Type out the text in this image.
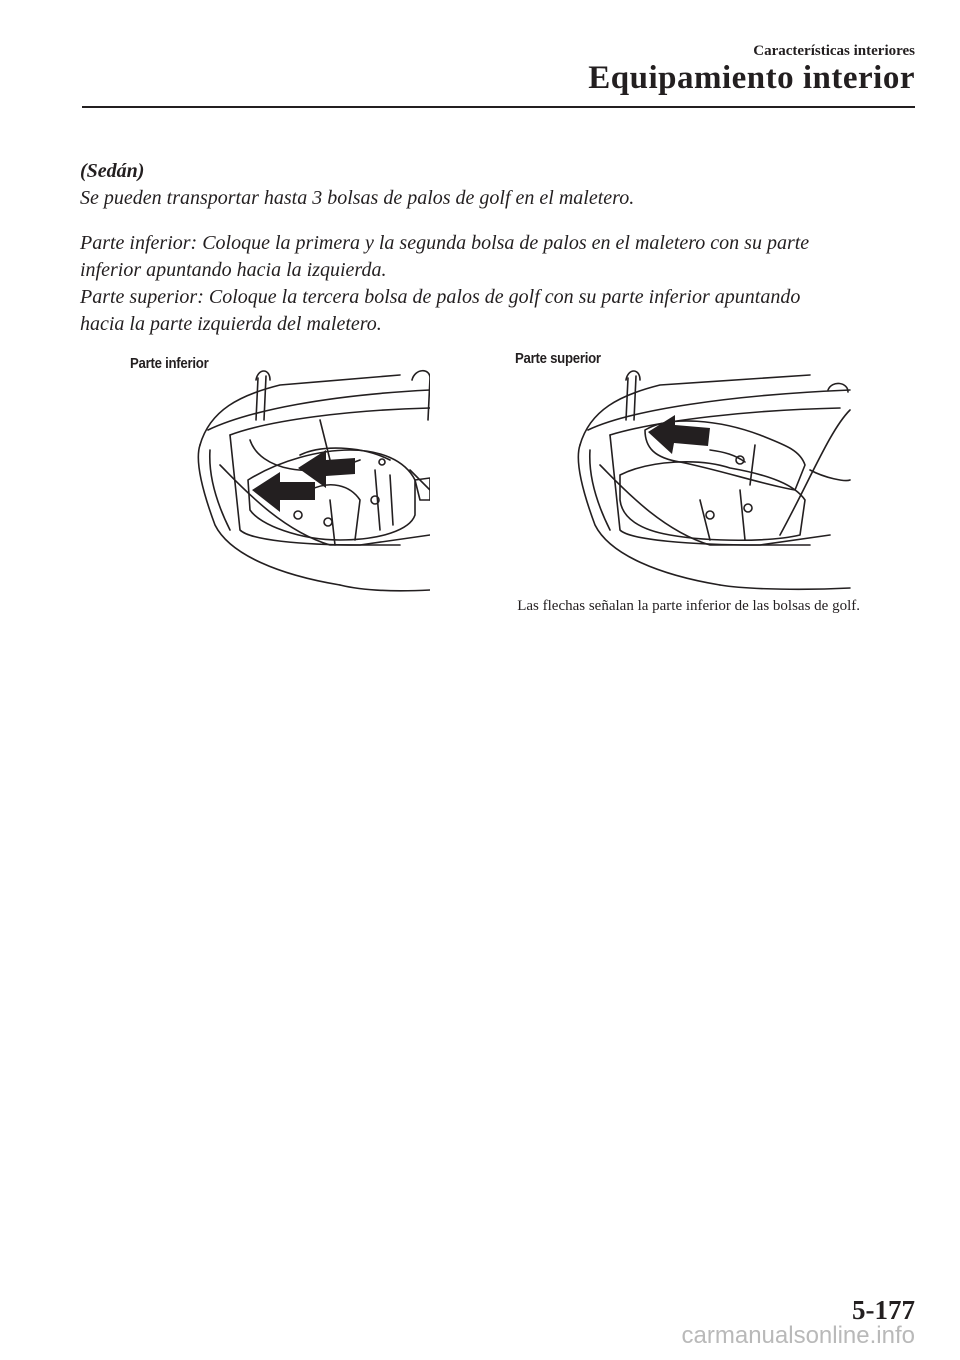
Características interiores
Equipamiento interior

(Sedán)

Se pueden transportar hasta 3 bolsas de palos de golf en el maletero.

Parte inferior: Coloque la primera y la segunda bolsa de palos en el maletero con su parte

inferior apuntando hacia la izquierda.

Parte superior: Coloque la tercera bolsa de palos de golf con su parte inferior apuntando

hacia la parte izquierda del maletero.

Parte inferior	Parte superior
Las flechas señalan la parte inferior de las bolsas de golf.
5-177
carmanualsonline.info
